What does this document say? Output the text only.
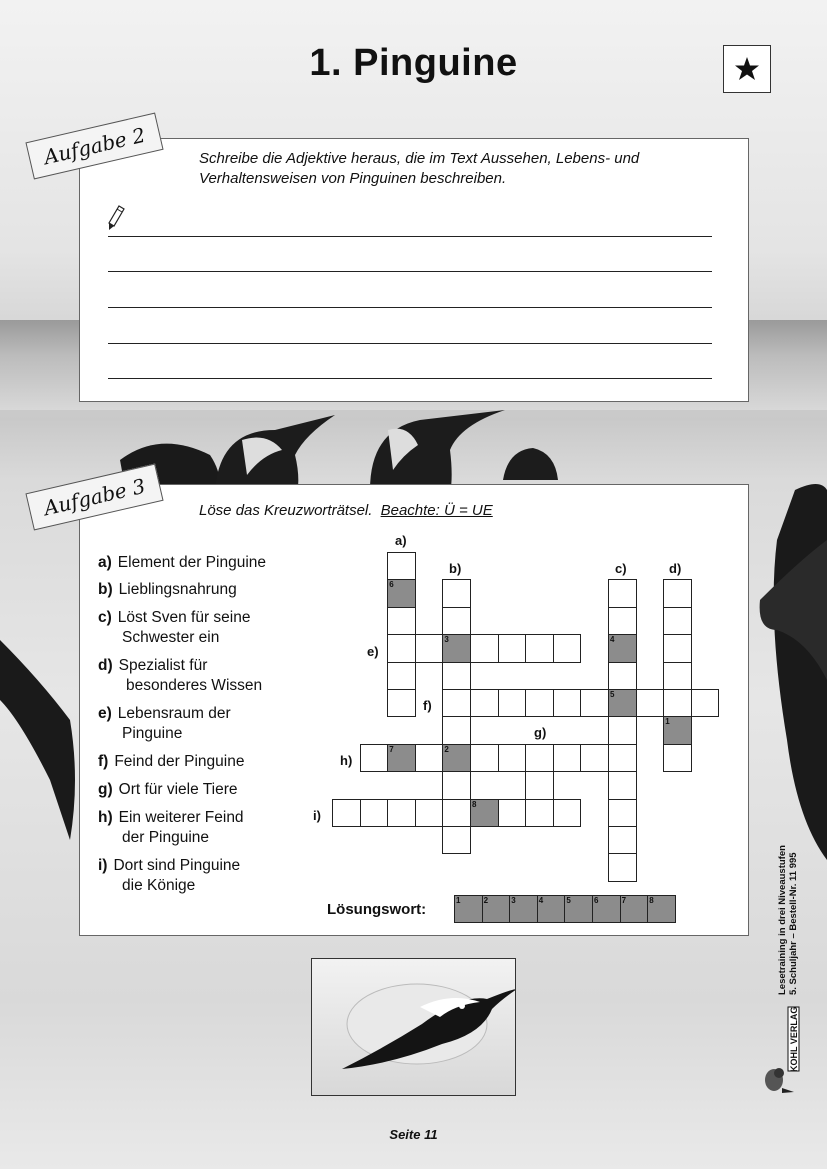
1. Pinguine
Aufgabe 2	Schreibe die Adjektive heraus, die im Text Aussehen, Lebens- und
Verhaltensweisen von Pinguinen beschreiben.
Aufgabe 3	Löse das Kreuzworträtsel. Beachte: Ü = UE
a) Element der Pinguine
b) Lieblingsnahrung
c) Löst Sven für seine
Schwester ein
d) Spezialist für
besonderes Wissen
e) Lebensraum der
Pinguine
f) Feind der Pinguine
g) Ort für viele Tiere
h) Ein weiterer Feind
der Pinguine
i) Dort sind Pinguine
die Könige
6
3
2
4
5
1
7
8
a)
b)	c)	d)
e)
f)
g)
h)
i)
Lösungswort:
1	2	3	4	5	6	7	8	Lesetraining in drei Niveaustufen 5. Schuljahr – Bestell-Nr. 11 995
KOHL VERLAG
Seite 11
